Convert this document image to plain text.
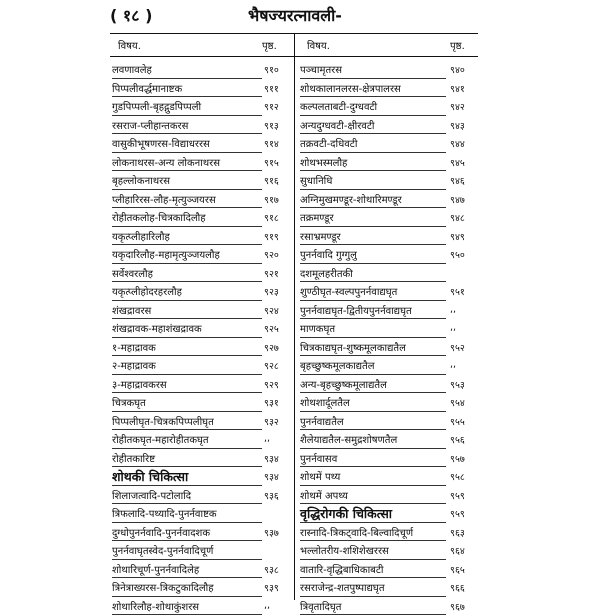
( १८ )	भैषज्यरत्नावली-
विषय.	पृष्ठ.	विषय.	पृष्ठ.
लवणावलेह	९१०
पिप्पलीवर्द्धमानाष्टक	९११
गुडपिप्पली-बृहद्गुडपिप्पली	९१२
रसराज-प्लीहान्तकरस	९१३
वासुकीभूषणरस-विद्याधररस	९१४
लोकनाथरस-अन्य लोकनाथरस	९१५
बृहल्लोकनाथरस	९१६
प्लीहारिरस-लौह-मृत्युञ्जयरस	९१७
रोहीतकलोह-चित्रकादिलौह	९१८
यकृत्प्लीहारिलौह	९१९
यकृदारिलौह-महामृत्युञ्जयलौह	९२०
सर्वेश्वरलौह	९२१
यकृत्प्लीहोदरहरलौह	९२३
शंखद्रावरस	९२४
शंखद्रावक-महाशंखद्रावक	९२५
१-महाद्रावक	९२७
२-महाद्रावक	९२८
३-महाद्रावकरस	९२९
चित्रकघृत	९३१
पिप्पलीघृत-चित्रकपिप्पलीघृत	९३२
रोहीतकघृत-महारोहीतकघृत	,,
रोहीतकारिष्ट	९३४
शोथकी चिकित्सा	९३४
शिलाजत्वादि-पटोलादि	९३६
त्रिफलादि-पथ्यादि-पुनर्नवाष्टक
दुग्धोपुनर्नवादि-पुनर्नवादशक	९३७
पुनर्नवाघृतस्वेद-पुनर्नवादिचूर्ण
शोथारिचूर्ण-पुनर्नवादिलेह	९३८
त्रिनेत्राख्यरस-त्रिकटुकादिलौह	९३९
शोथारिलौह-शोथाकुंशरस	,,
पञ्चामृतरस	९४०
शोथकालानलरस-क्षेत्रपालरस	९४१
कल्पलताबटी-दुग्धवटी	९४२
अन्यदुग्धवटी-क्षीरवटी	९४३
तक्रवटी-दधिवटी	९४४
शोथभस्मलौह	९४५
सुधानिधि	९४६
अग्निमुखमण्डूर-शोथारिमण्डूर	९४७
तक्रमण्डूर	९४८
रसाभ्रमण्डूर	९४९
पुनर्नवादि गुग्गुलु	९५०
दशमूलहरीतकी
शुण्ठीघृत-स्वल्पपुनर्नवाद्यघृत	९५१
पुनर्नवाद्यघृत-द्वितीयपुनर्नवाद्यघृत	,,
माणकघृत	,,
चित्रकाद्यघृत-शुष्कमूलकाद्यतैल	९५२
बृहच्छुष्कमूलकाद्यतैल	,,
अन्य-बृहच्छुष्कमूलाद्यतैल	९५३
शोथशार्दूलतैल	९५४
पुनर्नवाद्यतैल	९५५
शैलेयाद्यतैल-समुद्रशोषणतैल	९५६
पुनर्नवासव	९५७
शोथमें पथ्य	९५८
शोथमें अपथ्य	९५९
वृद्धिरोगकी चिकित्सा	९५९
रास्नादि-त्रिकट्वादि-बिल्वादिचूर्ण	९६३
भल्लोतरीय-शशिशेखररस	९६४
वातारि-वृद्धिबाधिकाबटी	९६५
रसराजेन्द्र-शतपुष्पाद्यघृत	९६६
त्रिवृतादिघृत	९६७
